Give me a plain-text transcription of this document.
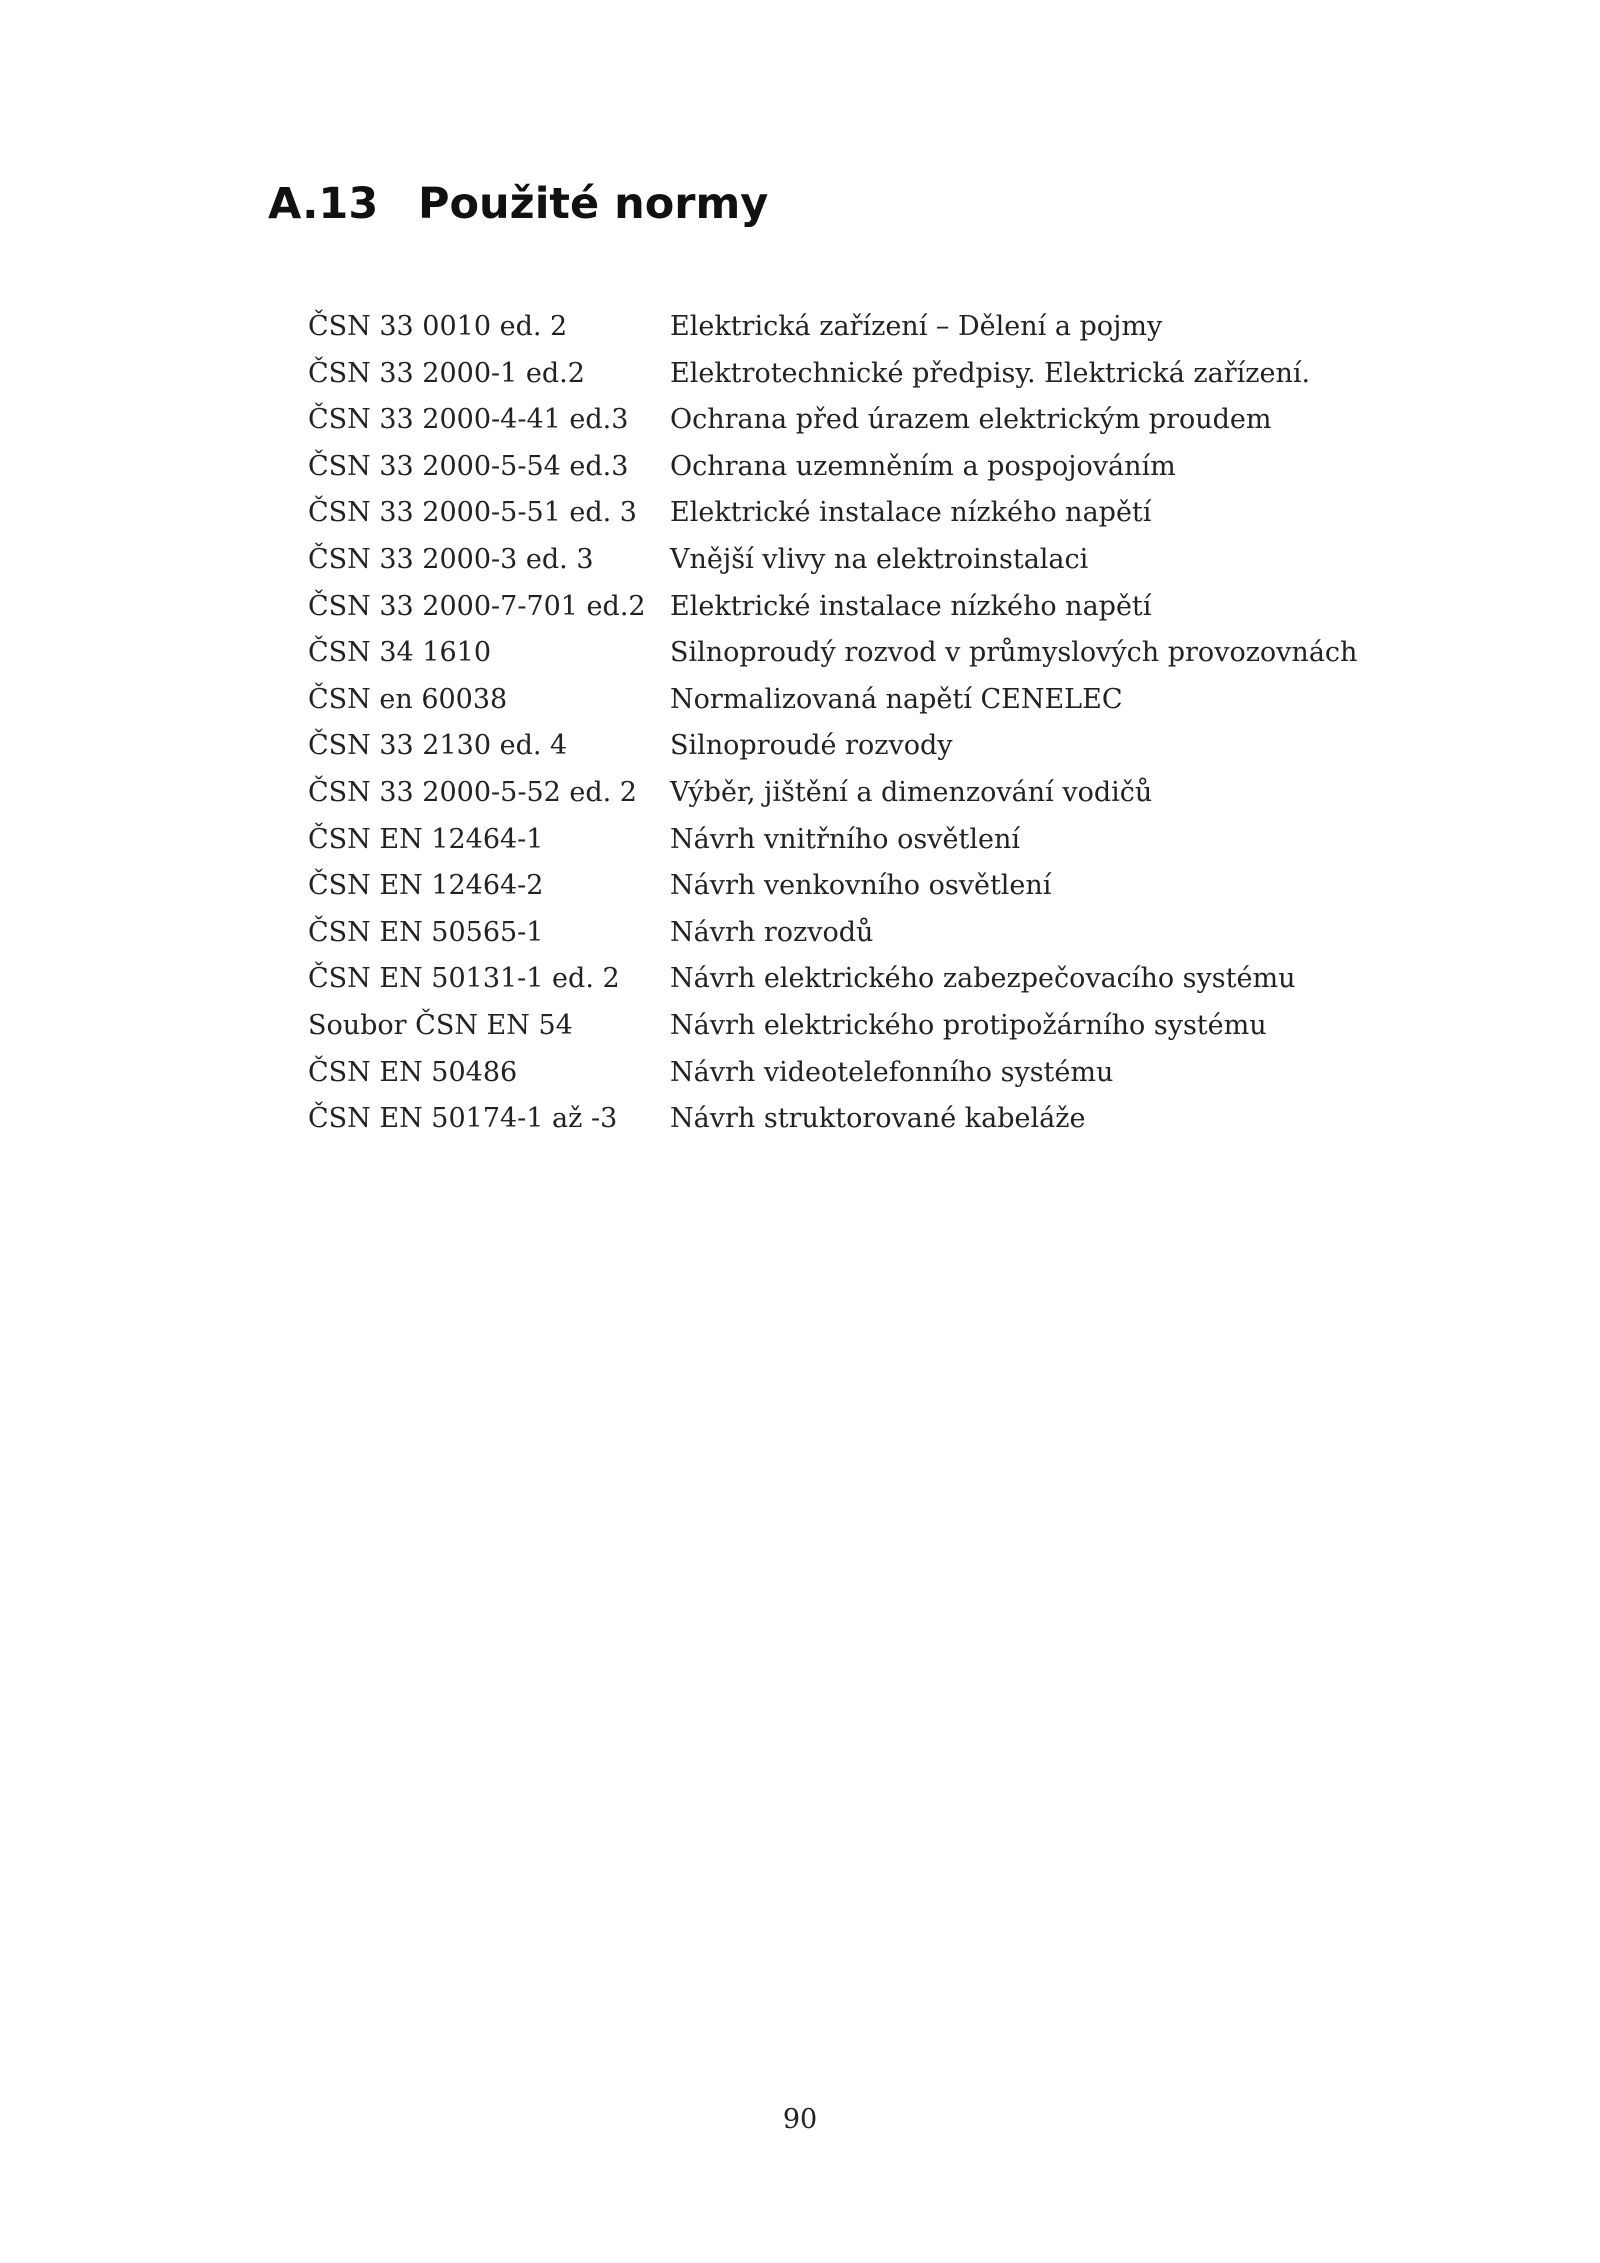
A.13 Použité normy
ČSN 33 0010 ed. 2	Elektrická zařízení – Dělení a pojmy
ČSN 33 2000-1 ed.2	Elektrotechnické předpisy. Elektrická zařízení.
ČSN 33 2000-4-41 ed.3	Ochrana před úrazem elektrickým proudem
ČSN 33 2000-5-54 ed.3	Ochrana uzemněním a pospojováním
ČSN 33 2000-5-51 ed. 3	Elektrické instalace nízkého napětí
ČSN 33 2000-3 ed. 3	Vnější vlivy na elektroinstalaci
ČSN 33 2000-7-701 ed.2 Elektrické instalace nízkého napětí
ČSN 34 1610	Silnoproudý rozvod v průmyslových provozovnách
ČSN en 60038	Normalizovaná napětí CENELEC
ČSN 33 2130 ed. 4	Silnoproudé rozvody
ČSN 33 2000-5-52 ed. 2	Výběr, jištění a dimenzování vodičů
ČSN EN 12464-1	Návrh vnitřního osvětlení
ČSN EN 12464-2	Návrh venkovního osvětlení
ČSN EN 50565-1	Návrh rozvodů
ČSN EN 50131-1 ed. 2	Návrh elektrického zabezpečovacího systému
Soubor ČSN EN 54	Návrh elektrického protipožárního systému
ČSN EN 50486	Návrh videotelefonního systému
ČSN EN 50174-1 až -3	Návrh struktorované kabeláže
90
